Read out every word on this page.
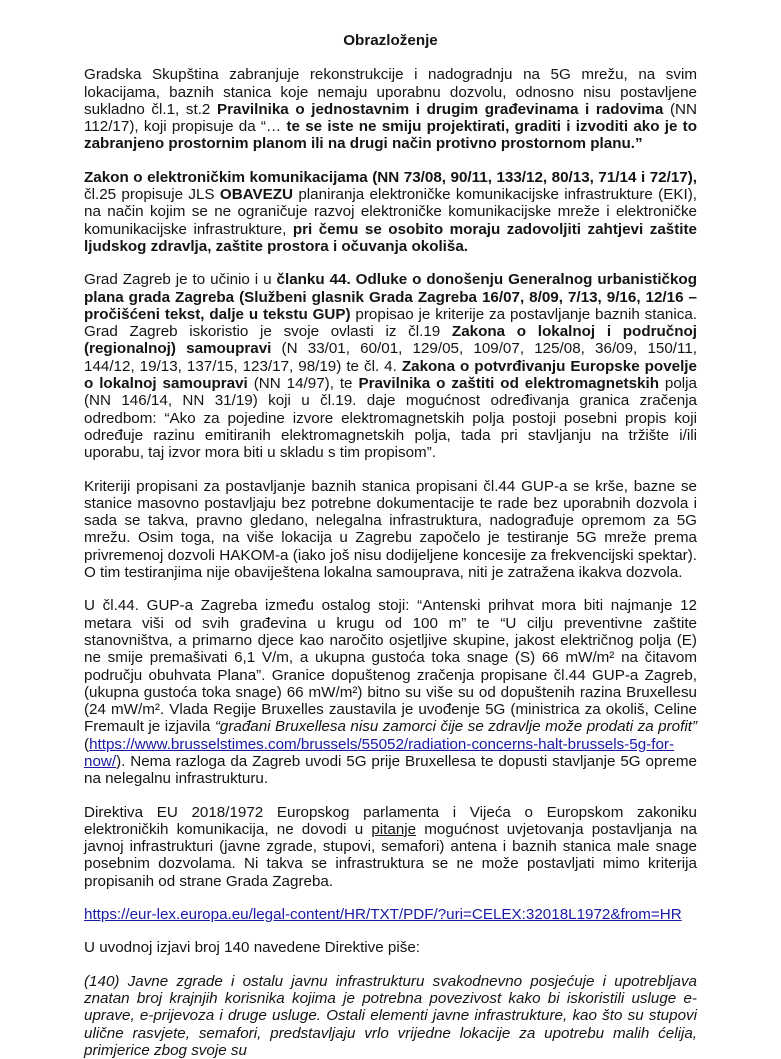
Obrazloženje

Gradska Skupština zabranjuje rekonstrukcije i nadogradnju na 5G mrežu, na svim lokacijama, baznih stanica koje nemaju uporabnu dozvolu, odnosno nisu postavljene sukladno čl.1, st.2 Pravilnika o jednostavnim i drugim građevinama i radovima (NN 112/17), koji propisuje da “… te se iste ne smiju projektirati, graditi i izvoditi ako je to zabranjeno prostornim planom ili na drugi način protivno prostornom planu.”

Zakon o elektroničkim komunikacijama (NN 73/08, 90/11, 133/12, 80/13, 71/14 i 72/17), čl.25 propisuje JLS OBAVEZU planiranja elektroničke komunikacijske infrastrukture (EKI), na način kojim se ne ograničuje razvoj elektroničke komunikacijske mreže i elektroničke komunikacijske infrastrukture, pri čemu se osobito moraju zadovoljiti zahtjevi zaštite ljudskog zdravlja, zaštite prostora i očuvanja okoliša.

Grad Zagreb je to učinio i u članku 44. Odluke o donošenju Generalnog urbanističkog plana grada Zagreba (Službeni glasnik Grada Zagreba 16/07, 8/09, 7/13, 9/16, 12/16 – pročišćeni tekst, dalje u tekstu GUP) propisao je kriterije za postavljanje baznih stanica. Grad Zagreb iskoristio je svoje ovlasti iz čl.19 Zakona o lokalnoj i područnoj (regionalnoj) samoupravi (N 33/01, 60/01, 129/05, 109/07, 125/08, 36/09, 150/11, 144/12, 19/13, 137/15, 123/17, 98/19) te čl. 4. Zakona o potvrđivanju Europske povelje o lokalnoj samoupravi (NN 14/97), te Pravilnika o zaštiti od elektromagnetskih polja (NN 146/14, NN 31/19) koji u čl.19. daje mogućnost određivanja granica zračenja odredbom: “Ako za pojedine izvore elektromagnetskih polja postoji posebni propis koji određuje razinu emitiranih elektromagnetskih polja, tada pri stavljanju na tržište i/ili uporabu, taj izvor mora biti u skladu s tim propisom”.

Kriteriji propisani za postavljanje baznih stanica propisani čl.44 GUP-a se krše, bazne se stanice masovno postavljaju bez potrebne dokumentacije te rade bez uporabnih dozvola i sada se takva, pravno gledano, nelegalna infrastruktura, nadograđuje opremom za 5G mrežu. Osim toga, na više lokacija u Zagrebu započelo je testiranje 5G mreže prema privremenoj dozvoli HAKOM-a (iako još nisu dodijeljene koncesije za frekvencijski spektar). O tim testiranjima nije obaviještena lokalna samouprava, niti je zatražena ikakva dozvola.

U čl.44. GUP-a Zagreba između ostalog stoji: “Antenski prihvat mora biti najmanje 12 metara viši od svih građevina u krugu od 100 m” te “U cilju preventivne zaštite stanovništva, a primarno djece kao naročito osjetljive skupine, jakost električnog polja (E) ne smije premašivati 6,1 V/m, a ukupna gustoća toka snage (S) 66 mW/m² na čitavom području obuhvata Plana”. Granice dopuštenog zračenja propisane čl.44 GUP-a Zagreb, (ukupna gustoća toka snage) 66 mW/m²) bitno su više su od dopuštenih razina Bruxellesu (24 mW/m². Vlada Regije Bruxelles zaustavila je uvođenje 5G (ministrica za okoliš, Celine Fremault je izjavila “građani Bruxellesa nisu zamorci čije se zdravlje može prodati za profit” (https://www.brusselstimes.com/brussels/55052/radiation-concerns-halt-brussels-5g-for-now/). Nema razloga da Zagreb uvodi 5G prije Bruxellesa te dopusti stavljanje 5G opreme na nelegalnu infrastrukturu.

Direktiva EU 2018/1972 Europskog parlamenta i Vijeća o Europskom zakoniku elektroničkih komunikacija, ne dovodi u pitanje mogućnost uvjetovanja postavljanja na javnoj infrastrukturi (javne zgrade, stupovi, semafori) antena i baznih stanica male snage posebnim dozvolama. Ni takva se infrastruktura se ne može postavljati mimo kriterija propisanih od strane Grada Zagreba.

https://eur-lex.europa.eu/legal-content/HR/TXT/PDF/?uri=CELEX:32018L1972&from=HR

U uvodnoj izjavi broj 140 navedene Direktive piše:

(140) Javne zgrade i ostalu javnu infrastrukturu svakodnevno posjećuje i upotrebljava znatan broj krajnjih korisnika kojima je potrebna povezivost kako bi iskoristili usluge e-uprave, e-prijevoza i druge usluge. Ostali elementi javne infrastrukture, kao što su stupovi ulične rasvjete, semafori, predstavljaju vrlo vrijedne lokacije za upotrebu malih ćelija, primjerice zbog svoje su
